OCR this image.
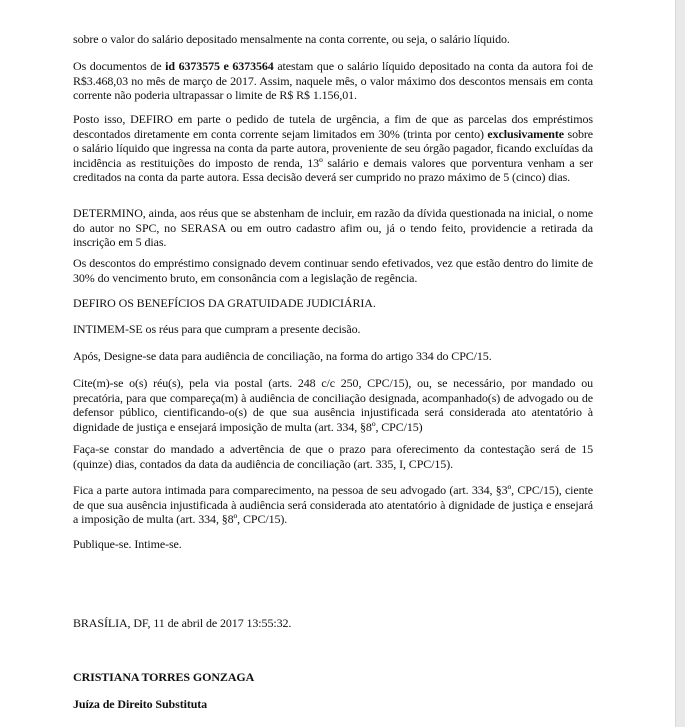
sobre o valor do salário depositado mensalmente na conta corrente, ou seja, o salário líquido.
Os documentos de id 6373575 e 6373564 atestam que o salário líquido depositado na conta da autora foi de R$3.468,03 no mês de março de 2017. Assim, naquele mês, o valor máximo dos descontos mensais em conta corrente não poderia ultrapassar o limite de R$ R$ 1.156,01.
Posto isso, DEFIRO em parte o pedido de tutela de urgência, a fim de que as parcelas dos empréstimos descontados diretamente em conta corrente sejam limitados em 30% (trinta por cento) exclusivamente sobre o salário líquido que ingressa na conta da parte autora, proveniente de seu órgão pagador, ficando excluídas da incidência as restituições do imposto de renda, 13º salário e demais valores que porventura venham a ser creditados na conta da parte autora. Essa decisão deverá ser cumprido no prazo máximo de 5 (cinco) dias.
DETERMINO, ainda, aos réus que se abstenham de incluir, em razão da dívida questionada na inicial, o nome do autor no SPC, no SERASA ou em outro cadastro afim ou, já o tendo feito, providencie a retirada da inscrição em 5 dias.
Os descontos do empréstimo consignado devem continuar sendo efetivados, vez que estão dentro do limite de 30% do vencimento bruto, em consonância com a legislação de regência.
DEFIRO OS BENEFÍCIOS DA GRATUIDADE JUDICIÁRIA.
INTIMEM-SE os réus para que cumpram a presente decisão.
Após, Designe-se data para audiência de conciliação, na forma do artigo 334 do CPC/15.
Cite(m)-se o(s) réu(s), pela via postal (arts. 248 c/c 250, CPC/15), ou, se necessário, por mandado ou precatória, para que compareça(m) à audiência de conciliação designada, acompanhado(s) de advogado ou de defensor público, cientificando-o(s) de que sua ausência injustificada será considerada ato atentatório à dignidade de justiça e ensejará imposição de multa (art. 334, §8º, CPC/15)
Faça-se constar do mandado a advertência de que o prazo para oferecimento da contestação será de 15 (quinze) dias, contados da data da audiência de conciliação (art. 335, I, CPC/15).
Fica a parte autora intimada para comparecimento, na pessoa de seu advogado (art. 334, §3º, CPC/15), ciente de que sua ausência injustificada à audiência será considerada ato atentatório à dignidade de justiça e ensejará a imposição de multa (art. 334, §8º, CPC/15).
Publique-se. Intime-se.
BRASÍLIA, DF, 11 de abril de 2017 13:55:32.
CRISTIANA TORRES GONZAGA
Juíza de Direito Substituta
